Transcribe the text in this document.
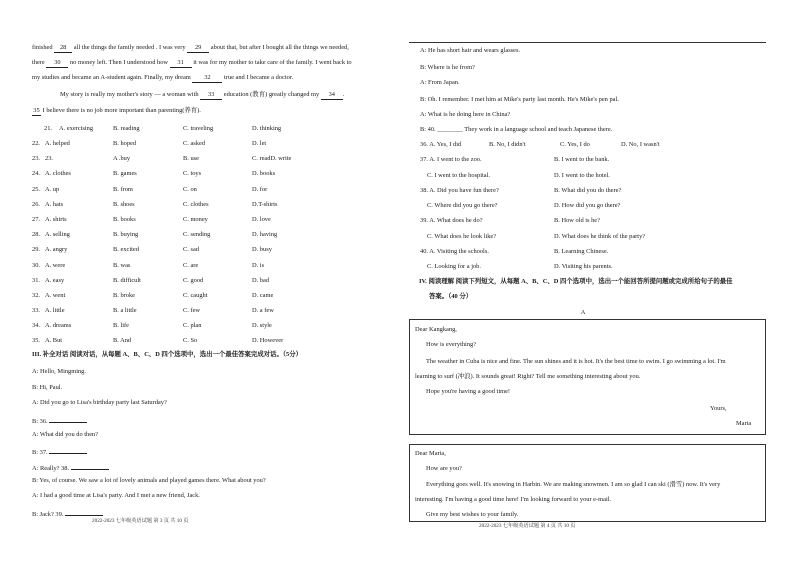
finished 28 all the things the family needed . I was very 29 about that, but after I bought all the things we needed,
there 30 no money left. Then I understood how 31 it was for my mother to take care of the family. I went back to
my studies and became an A-student again. Finally, my dream 32 true and I became a doctor.
My story is really my mother's story — a woman with 33 education (教育) greatly changed my 34 .
35 I believe there is no job more important than parenting(养育).
21. A. exercising	B. reading	C. traveling	D. thinking
22. A. helped	B. hoped	C. asked	D. let
23. 23.	A .buy	B. use	C. readD. write
24. A. clothes	B. games	C. toys	D. books
25. A. up	B. from	C. on	D. for
26. A. hats	B. shoes	C. clothes	D.T-shirts
27. A. shirts	B. books	C. money	D. love
28. A. selling	B. buying	C. sending	D. having
29. A. angry	B. excited	C. sad	D. busy
30. A. were	B. was	C. are	D. is
31. A. easy	B. difficult	C. good	D. bad
32. A. went	B. broke	C. caught	D. came
33. A. little	B. a little	C. few	D. a few
34. A. dreams	B. life	C. plan	D. style
35. A. But	B. And	C. So	D. However
III. 补全对话 阅读对话，从每题 A、B、C、D 四个选项中，选出一个最佳答案完成对话。（5分）
A: Hello, Mingming.
B: Hi, Paul.
A: Did you go to Lisa's birthday party last Saturday?
B: 36.
A: What did you do then?
B: 37.
A: Really? 38.
B: Yes, of course. We saw a lot of lovely animals and played games there. What about you?
A: I had a good time at Lisa's party. And I met a new friend, Jack.
B: Jack? 39.
2022-2023 七年级英语试题 第 3 页 共 10 页
A: He has short hair and wears glasses.
B: Where is he from?
A: From Japan.
B: Oh. I remember. I met him at Mike's party last month. He's Mike's pen pal.
A: What is he doing here in China?
B: 40. ________ They work in a language school and teach Japanese there.
36. A. Yes, I did	B. No, I didn't	C. Yes, I do	D. No, I wasn't
37. A. I went to the zoo.	B. I went to the bank.
C. I went to the hospital.	D. I went to the hotel.
38. A. Did you have fun there?	B. What did you do there?
C. Where did you go there?	D. How did you go there?
39. A. What does he do?	B. How old is he?
C. What does he look like?	D. What does he think of the party?
40. A. Visiting the schools.	B. Learning Chinese.
C. Looking for a job.	D. Visiting his parents.
IV. 阅读理解 阅读下列短文，从每题 A、B、C、D 四个选项中，选出一个能回答所提问题或完成所给句子的最佳
答案。（40 分）
A
Dear Kangkang,
How is everything?
The weather in Cuba is nice and fine. The sun shines and it is hot. It's the best time to swim. I go swimming a lot. I'm
learning to surf (冲浪). It sounds great! Right? Tell me something interesting about you.
Hope you're having a good time!
Yours,
Maria
Dear Maria,
How are you?
Everything goes well. It's snowing in Harbin. We are making snowmen. I am so glad I can ski (滑雪) now. It's very
interesting. I'm having a good time here! I'm looking forward to your e-mail.
Give my best wishes to your family.
2022-2023 七年级英语试题 第 4 页 共 10 页
